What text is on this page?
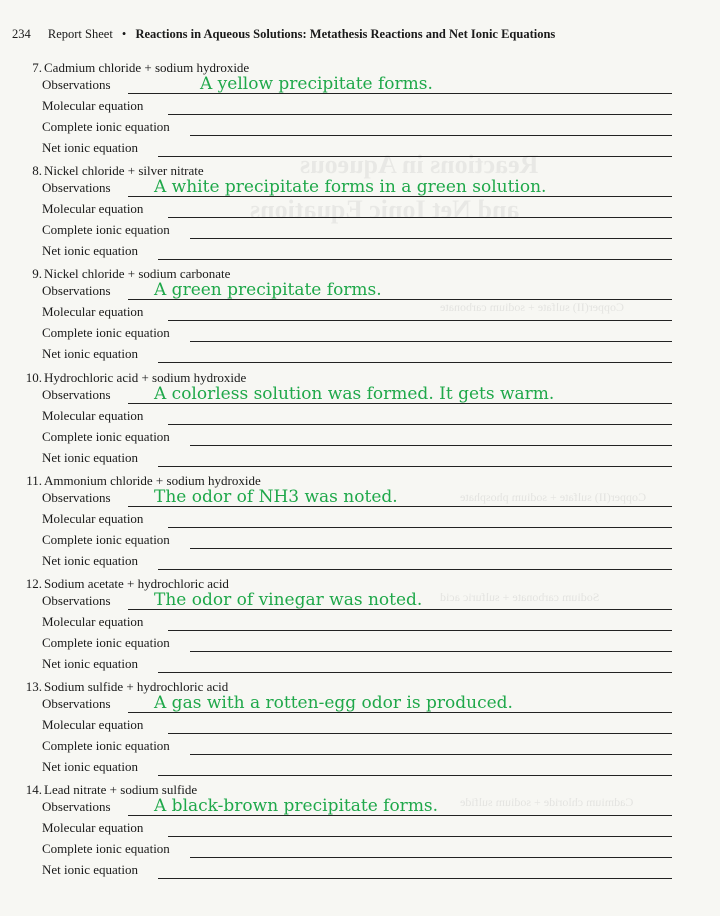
Reactions in Aqueous
and Net Ionic Equations
Copper(II) sulfate + sodium carbonate
Copper(II) sulfate + sodium phosphate
Sodium carbonate + sulfuric acid
Cadmium chloride + sodium sulfide
234 Report Sheet • Reactions in Aqueous Solutions: Metathesis Reactions and Net Ionic Equations
7. Cadmium chloride + sodium hydroxide
Observations	A yellow precipitate forms.
Molecular equation
Complete ionic equation
Net ionic equation
8. Nickel chloride + silver nitrate
Observations	A white precipitate forms in a green solution.
Molecular equation
Complete ionic equation
Net ionic equation
9. Nickel chloride + sodium carbonate
Observations	A green precipitate forms.
Molecular equation
Complete ionic equation
Net ionic equation
10. Hydrochloric acid + sodium hydroxide
Observations	A colorless solution was formed. It gets warm.
Molecular equation
Complete ionic equation
Net ionic equation
11. Ammonium chloride + sodium hydroxide
Observations	The odor of NH3 was noted.
Molecular equation
Complete ionic equation
Net ionic equation
12. Sodium acetate + hydrochloric acid
Observations	The odor of vinegar was noted.
Molecular equation
Complete ionic equation
Net ionic equation
13. Sodium sulfide + hydrochloric acid
Observations	A gas with a rotten-egg odor is produced.
Molecular equation
Complete ionic equation
Net ionic equation
14. Lead nitrate + sodium sulfide
Observations	A black-brown precipitate forms.
Molecular equation
Complete ionic equation
Net ionic equation
